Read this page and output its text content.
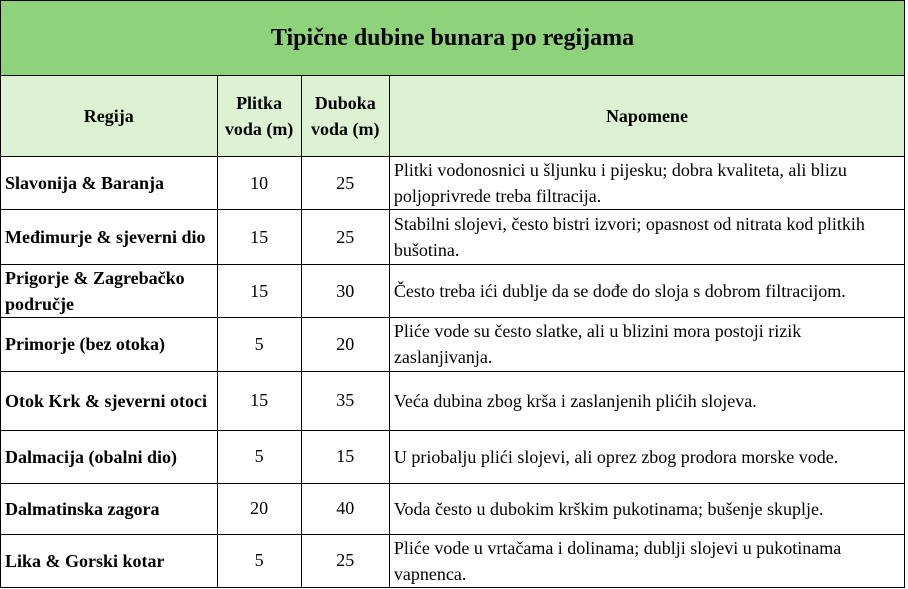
Tipične dubine bunara po regijama			
Regija	Plitka voda (m)	Duboka voda (m)	Napomene
Slavonija & Baranja	10	25	Plitki vodonosnici u šljunku i pijesku; dobra kvaliteta, ali blizu poljoprivrede treba filtracija.
Međimurje & sjeverni dio	15	25	Stabilni slojevi, često bistri izvori; opasnost od nitrata kod plitkih bušotina.
Prigorje & Zagrebačko područje	15	30	Često treba ići dublje da se dođe do sloja s dobrom filtracijom.
Primorje (bez otoka)	5	20	Pliće vode su često slatke, ali u blizini mora postoji rizik zaslanjivanja.
Otok Krk & sjeverni otoci	15	35	Veća dubina zbog krša i zaslanjenih plićih slojeva.
Dalmacija (obalni dio)	5	15	U priobalju plići slojevi, ali oprez zbog prodora morske vode.
Dalmatinska zagora	20	40	Voda često u dubokim krškim pukotinama; bušenje skuplje.
Lika & Gorski kotar	5	25	Pliće vode u vrtačama i dolinama; dublji slojevi u pukotinama vapnenca.
